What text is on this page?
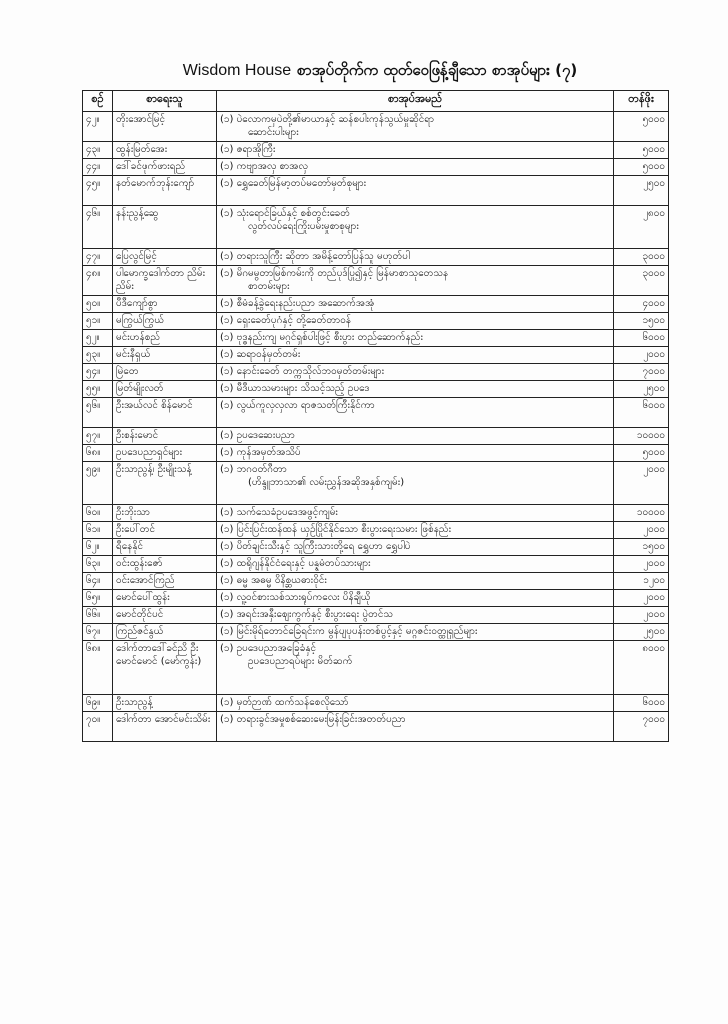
Wisdom House စာအုပ်တိုက်က ထုတ်ဝေဖြန့်ချီသော စာအုပ်များ (၇)
စဉ်	စာရေးသူ	စာအုပ်အမည်	တန်ဖိုး
၄၂။	တိုးအောင်မြင့်	(၁) ပဲလောကမှပဲတို့၏မာယာနှင့် ဆန်စပါးကုန်သွယ်မှုဆိုင်ရာ
ဆောင်းပါးများ	၅၀၀၀
၄၃။	ထွန်းမြတ်အေး	(၁) ဇရာအိုကြီး	၅၀၀၀
၄၄။	ဒေါ်ခင်ဖုက်ဖားရည်	(၁) ကဗျာအလှ စာအလှ	၅၀၀၀
၄၅။	နတ်မောက်ဘုန်းကျော်	(၁) ရွှေခေတ်မြန်မာ့တပ်မတော်မှတ်စုများ	၂၅၀၀
၄၆။	နန်းညွန့်ဆွေ	(၁) သုံးရောင်ခြယ်နှင့် စစ်တွင်းခေတ်
လွတ်လပ်ရေးကြိုးပမ်းမှုစာစုများ	၂၈၀၀
၄၇။	ပြေလွင်မြင့်	(၁) တရားသူကြီး ဆိုတာ အမိန့်တော်ပြန်သူ မဟုတ်ပါ	၃၀၀၀
၄၈။	ပါမောက္ခဒေါက်တာ ညိမ်းညိမ်း	(၁) မိဂမမွတာမြစ်ကမ်းကို တည်ပုဒ်ပြု၍နှင့် မြန်မာစာသုတေသန
စာတမ်းများ	၃၀၀၀
၅၀။	ပီဒီကျော်စွာ	(၁) စီမံခန့်ခွဲရေးနည်းပညာ အဆောက်အအုံ	၄၀၀၀
၅၁။	မကြွယ်ကြွယ်	(၁) ရှေးခေတ်ပုဂံနှင့် တို့ခေတ်တာဝန်	၁၅၀၀
၅၂။	မင်းဟန်စည်	(၁) ဗုဒ္ဓနည်းကျ မဂ္ဂင်ရှစ်ပါးဖြင့် စီးပွား တည်ဆောက်နည်း	၆၀၀၀
၅၃။	မင်းနီရှယ်	(၁) ဆရာဝန်မှတ်တမ်း	၂၀၀၀
၅၄။	မြဲတေ	(၁) နောင်းခေတ် တက္ကသိုလ်ဘဝမှတ်တမ်းများ	၇၀၀၀
၅၅။	မြတ်မျိုးလတ်	(၁) မီဒီယာသမားများ သိသင့်သည့် ဥပဒေ	၂၅၀၀
၅၆။	ဦးအယ်လင် စိန်မောင်	(၁) လွယ်ကူလှလှလာ ရာဇသတ်ကြီးနိုင်ကာ	၆၀၀၀
၅၇။	ဦးစန်းမောင်	(၁) ဥပဒေဆေးပညာ	၁၀၀၀၀
၆၈။	ဥပဒေပညာရှင်များ	(၁) ကုန်အမှတ်အသိပ်	၅၀၀၀
၅၉။	ဦးသာညွန့်၊ ဦးမျိုးသန့်	(၁) ဘဂဝတ်ဂီတာ
(ဟိန္ဒူဘာသာ၏ လမ်းညွှန်အဆိုအနှစ်ကျမ်း)	၂၀၀၀
၆၀။	ဦးဘိုးသာ	(၁) သက်သေခံဥပဒေအဖွင့်ကျမ်း	၁၀၀၀၀
၆၁။	ဦးပေါ်တင်	(၁) ပြင်းပြင်းထန်ထန် ယှဉ်ပြိုင်နိုင်သော စီးပွားရေးသမား ဖြစ်နည်း	၂၀၀၀
၆၂။	ရီနေနိုင်	(၁) ပိတ်ချင်းသီးနှင့် သူကြီးသားတို့ရေ ရွှေဟာ ရွှေပါပဲ	၁၅၀၀
၆၃။	ဝင်းထွန်းဇော်	(၁) ထရိုဂျန်နိုင်ငံရေးနှင့် ပန္နမံတပ်သားများ	၂၀၀၀
၆၄။	ဝင်းအောင်ကြည်	(၁) ဓမ္မ အဓမ္မ ဝိနိစ္ဆယဓားဝိုင်း	၁၂၀၀
၆၅။	မောင်ပေါ်ထွန်း	(၁) လူ့ဝင်စားသစ်သားရုပ်ကလေး ပိနိချီယို	၂၀၀၀
၆၆။	မောင်တိုင်ပင်	(၁) အရင်းအနှီးဈေးကွက်နှင့် စီးပွားရေး ပွဲတင်သ	၂၀၀၀
၆၇။	ကြည်ဇင်နွယ်	(၁) မြင်းမိုရ်တောင်ခြေရင်းက မွန်ပျပုပန်းတစ်ပွင့်နှင့် မဂ္ဂဇင်းဝတ္ထုရှည်များ	၂၅၀၀
၆၈။	ဒေါက်တာဒေါ်ခင်ညိ ဦးမောင်မောင် (မော်ကွန်း)	(၁) ဥပဒေပညာအခြေခံနှင့်
ဥပဒေပညာရပ်များ မိတ်ဆက်	၈၀၀၀
၆၉။	ဦးသာညွန့်	(၁) မှတ်ဉာဏ် ထက်သန်စေလိုသော်	၆၀၀၀
၇၀။	ဒေါက်တာ အောင်မင်းသိမ်း	(၁) တရားခွင်အမှုစစ်ဆေးမေးမြန်းခြင်းအတတ်ပညာ	၇၀၀၀
